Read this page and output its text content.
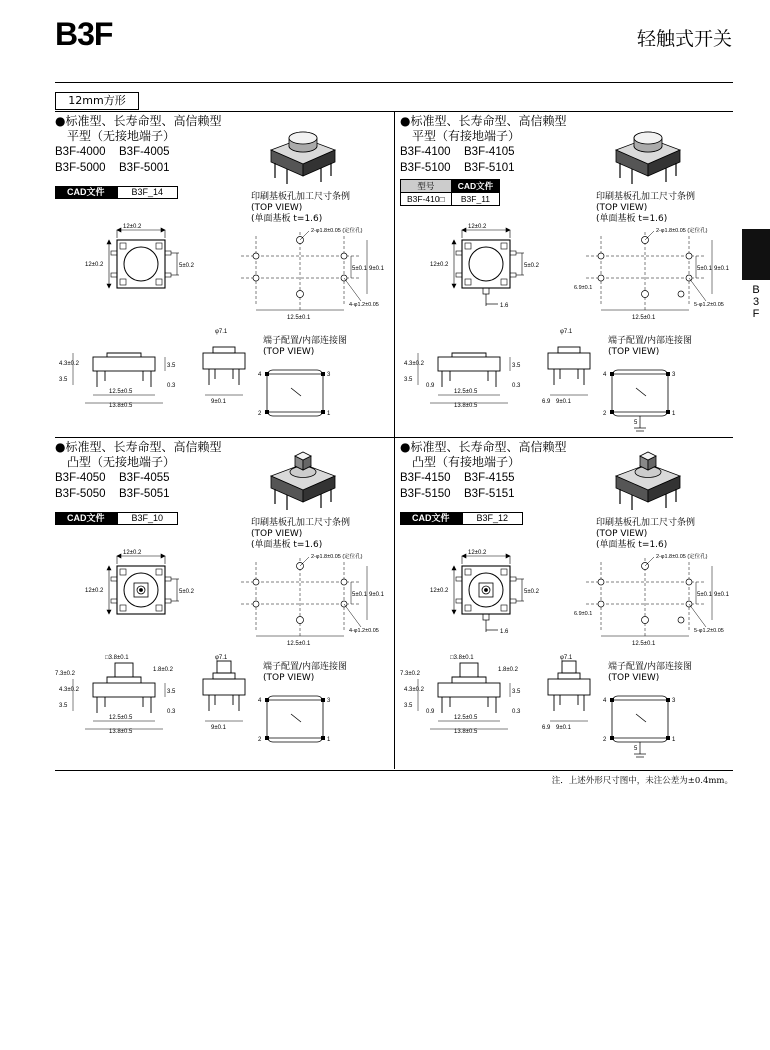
B3F	轻触式开关
12mm方形
B
3
F
●标准型、长寿命型、高信赖型
平型（无接地端子）
B3F-4000 B3F-4005
B3F-5000 B3F-5001
CAD文件	B3F_14	印刷基板孔加工尺寸条例
(TOP VIEW)
(单面基板 t=1.6)
12±0.2
12±0.2	5±0.2
12.5±0.1
5±0.1 9±0.1
2-φ1.8±0.05 (定位孔)
4-φ1.2±0.05
4.3±0.2	3.5
3.5
0.3
12.5±0.5
13.8±0.5
φ7.1
9±0.1
端子配置/内部连接图
(TOP VIEW)
4	3
2	1
●标准型、长寿命型、高信赖型
平型（有接地端子）
B3F-4100 B3F-4105
B3F-5100 B3F-5101
型号	CAD文件
B3F-410□	B3F_11	印刷基板孔加工尺寸条例
(TOP VIEW)
(单面基板 t=1.6)
1.6
12±0.2
12±0.2	5±0.2
12.5±0.1
5±0.1 9±0.1
2-φ1.8±0.05 (定位孔)
5-φ1.2±0.05
6.9±0.1
4.3±0.2	3.5
3.5
0.3
0.9
12.5±0.5
13.8±0.5
φ7.1
9±0.1
6.9
端子配置/内部连接图
(TOP VIEW)
4	3
2	1
5
●标准型、长寿命型、高信赖型
凸型（无接地端子）
B3F-4050 B3F-4055
B3F-5050 B3F-5051
CAD文件	B3F_10	印刷基板孔加工尺寸条例
(TOP VIEW)
(单面基板 t=1.6)
12±0.2
12±0.2	5±0.2
12.5±0.1
5±0.1 9±0.1
2-φ1.8±0.05 (定位孔)
4-φ1.2±0.05
4.3±0.2	3.5
3.5
0.3
12.5±0.5
13.8±0.5
□3.8±0.1
1.8±0.2
7.3±0.2
φ7.1
9±0.1
端子配置/内部连接图
(TOP VIEW)
4	3
2	1
●标准型、长寿命型、高信赖型
凸型（有接地端子）
B3F-4150 B3F-4155
B3F-5150 B3F-5151
CAD文件	B3F_12	印刷基板孔加工尺寸条例
(TOP VIEW)
(单面基板 t=1.6)
1.6
12±0.2
12±0.2	5±0.2
12.5±0.1
5±0.1 9±0.1
2-φ1.8±0.05 (定位孔)
5-φ1.2±0.05
6.9±0.1
4.3±0.2	3.5
3.5
0.3
0.9
12.5±0.5
13.8±0.5
□3.8±0.1
1.8±0.2
7.3±0.2
φ7.1
9±0.1
6.9
端子配置/内部连接图
(TOP VIEW)
4	3
2	1
5
注．上述外形尺寸图中，未注公差为±0.4mm。
